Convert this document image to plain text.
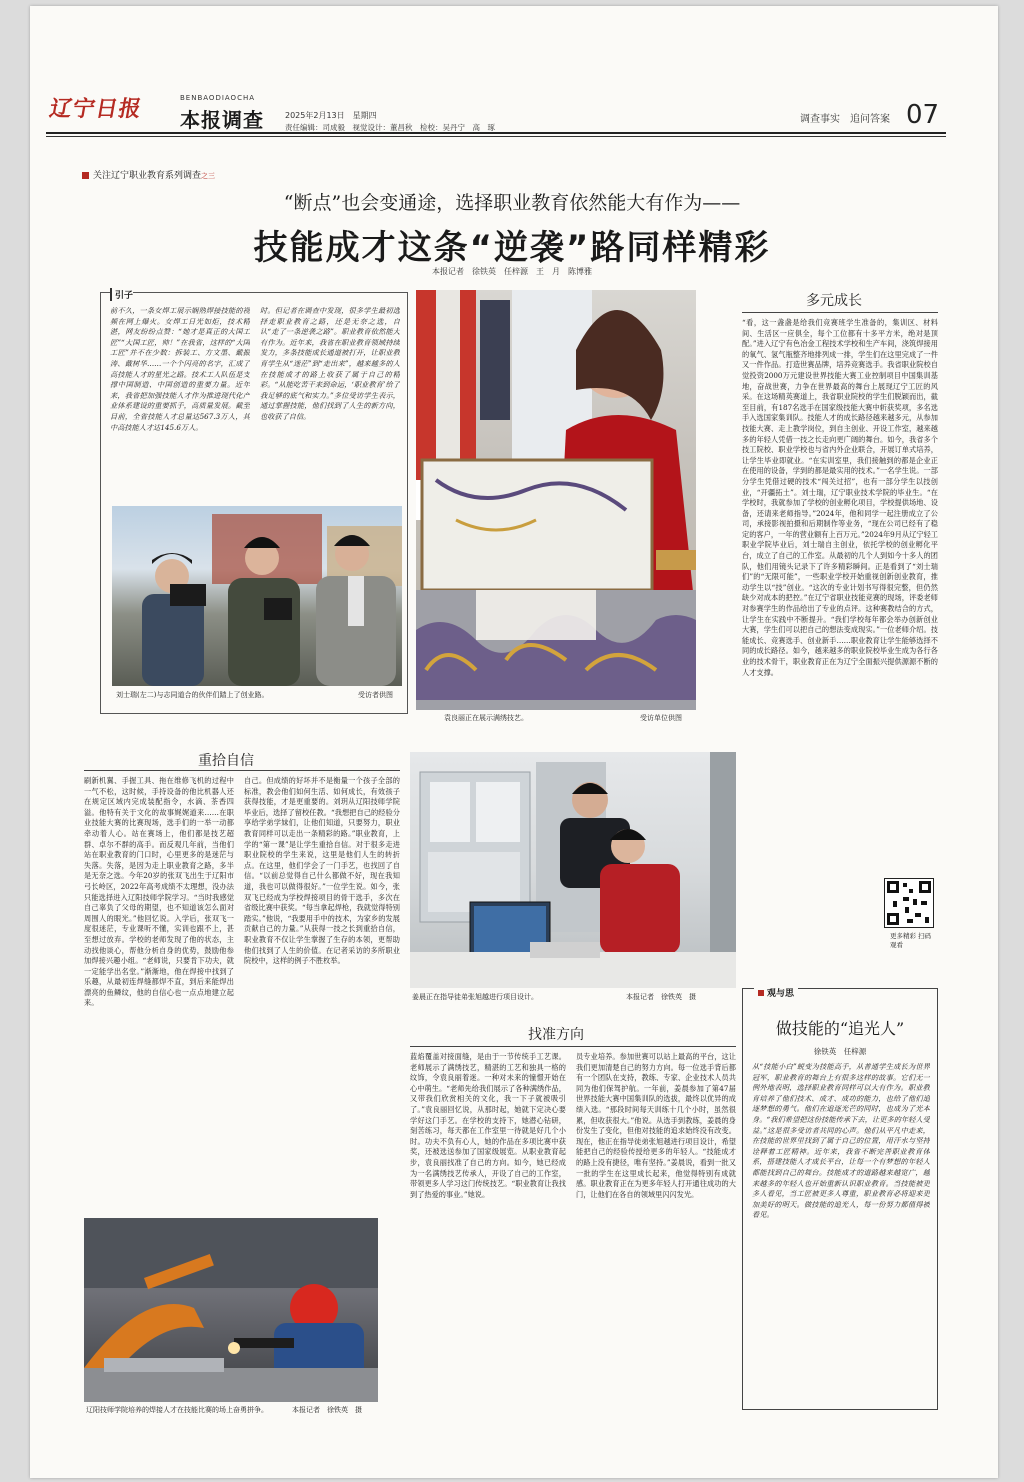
辽宁日报	BENBAODIAOCHA
本报调查	2025年2月13日　星期四
责任编辑：司成毅　视觉设计：董昌秋　检校：吴丹宁　高　琢
调查事实　追问答案 07
关注辽宁职业教育系列调查之三
“断点”也会变通途，选择职业教育依然能大有作为——
技能成才这条“逆袭”路同样精彩
本报记者　徐铁英　任梓源　王　月　陈博雅
引子
前不久，一条女焊工展示娴熟焊接技能的视频在网上爆火。女焊工日光如炬，技术精湛，网友纷纷点赞：“她才是真正的大国工匠”“大国工匠，帅！”在我省，这样的“大国工匠”并不在少数：拆装工、方文墨、戴振涛、戴树华……一个个闪亮的名字，汇成了高技能人才的星光之路。技术工人队伍是支撑中国制造、中国创造的重要力量。近年来，我省把加强技能人才作为推进现代化产业体系建设的重要抓手，高质量发展。截至目前，全省技能人才总量达567.3万人，其中高技能人才达145.6万人。
时。但记者在调查中发现，很多学生最初选择走职业教育之路，还是无奈之选，自认“走了一条逆袭之路”。职业教育依然能大有作为。近年来，我省在职业教育领域持续发力，多条技能成长通道被打开，让职业教育学生从“迷茫”到“走出来”，越来越多的人在技能成才的路上收获了属于自己的精彩。“从能吃苦干来到命运，‘职业教育’给了我足够的底气和实力。”多位受访学生表示，通过掌握技能，他们找到了人生的新方向，也收获了自信。
刘士瑞(左二)与志同道合的伙伴们踏上了创业路。	受访者供图
袁良丽正在展示满绣技艺。	受访单位供图
多元成长
“看，这一盏盏是给我们竞赛班学生准备的，集训区、材料间、生活区一应俱全，每个工位都有十多平方米，绝对是顶配。”进入辽宁有色冶金工程技术学校和生产车间，浇筑焊接用的氧气、氢气瓶整齐地排列成一排，学生们在这里完成了一件又一件作品。打造世赛品牌，培养竞赛选手。我省职业院校自觉投资2000万元建设世界技能大赛工业控制项目中国集训基地，奋战世赛，力争在世界最高的舞台上展现辽宁工匠的风采。在这场精英赛道上，我省职业院校的学生们脱颖而出，截至目前，有187名选手在国家级技能大赛中斩获奖项，多名选手入选国家集训队。技能人才的成长路径越来越多元，从参加技能大赛、走上教学岗位，到自主创业、开设工作室，越来越多的年轻人凭借一技之长走向更广阔的舞台。如今，我省多个技工院校、职业学校也与省内外企业联合，开展订单式培养，让学生毕业即就业。“在实训室里，我们接触到的都是企业正在使用的设备，学到的都是最实用的技术。”一名学生说。一部分学生凭借过硬的技术“闯关过招”，也有一部分学生以技创业，“开疆拓土”。刘士瑞，辽宁职业技术学院的毕业生。“在学校时，我就参加了学校的创业孵化项目，学校提供场地、设备，还请来老师指导。”2024年，他和同学一起注册成立了公司，承接影视拍摄和后期制作等业务，“现在公司已经有了稳定的客户，一年的营业额有上百万元。”2024年9月从辽宁轻工职业学院毕业后，刘士瑞自主创业，依托学校的创业孵化平台，成立了自己的工作室。从最初的几个人到如今十多人的团队，他们用镜头记录下了许多精彩瞬间。正是看到了“刘士瑞们”的“无限可能”，一些职业学校开始重视创新创业教育，推动学生以“技”创业。“这次的专业计划书写得很完整，但仍然缺少对成本的把控。”在辽宁省职业技能竞赛的现场，评委老师对参赛学生的作品给出了专业的点评。这种赛教结合的方式，让学生在实践中不断提升。“我们学校每年都会举办创新创业大赛，学生们可以把自己的想法变成现实。”一位老师介绍。技能成长、竞赛选手、创业新手……职业教育让学生能够选择不同的成长路径。如今，越来越多的职业院校毕业生成为各行各业的技术骨干，职业教育正在为辽宁全面振兴提供源源不断的人才支撑。
更多精彩 扫码观看
重拾自信
刷新机翼、手握工具、拖在维修飞机的过程中一气不松，这时候，手持设备的他比机器人还在规定区域内完成装配指令，水滴、茶香四溢。他特有关于文化的故事娓娓道来……在职业技能大赛的比赛现场，选手们的一举一动都牵动着人心。站在赛场上，他们都是技艺超群、卓尔不群的高手。而反观几年前，当他们站在职业教育的门口时，心里更多的是迷茫与失落。失落，是因为走上职业教育之路，多半是无奈之选。今年20岁的张双飞出生于辽阳市弓长岭区，2022年高考成绩不太理想，没办法只能选择进入辽阳技师学院学习。“当时我感觉自己辜负了父母的期望，也不知道该怎么面对周围人的眼光。”他回忆说。入学后，张双飞一度很迷茫，专业课听不懂，实训也跟不上，甚至想过放弃。学校的老师发现了他的状态，主动找他谈心，帮他分析自身的优势，鼓励他参加焊接兴趣小组。“老师说，只要肯下功夫，就一定能学出名堂。”渐渐地，他在焊接中找到了乐趣，从最初连焊缝都焊不直，到后来能焊出漂亮的鱼鳞纹，他的自信心也一点点地建立起来。
自己。但成绩的好坏并不是衡量一个孩子全部的标准，教会他们如何生活、如何成长，有效孩子获得技能，才是更重要的。刘玥从辽阳技师学院毕业后，选择了留校任教。“我想把自己的经验分享给学弟学妹们，让他们知道，只要努力，职业教育同样可以走出一条精彩的路。”职业教育，上学的“第一课”是让学生重拾自信。对于很多走进职业院校的学生来说，这里是他们人生的转折点。在这里，他们学会了一门手艺，也找回了自信。“以前总觉得自己什么都做不好，现在我知道，我也可以做得很好。”一位学生说。如今，张双飞已经成为学校焊接项目的骨干选手，多次在省级比赛中获奖。“每当拿起焊枪，我就觉得特别踏实。”他说，“我要用手中的技术，为家乡的发展贡献自己的力量。”从获得一技之长到重拾自信，职业教育不仅让学生掌握了生存的本领，更帮助他们找到了人生的价值。在记者采访的多所职业院校中，这样的例子不胜枚举。
姜晨正在指导徒弟张旭越进行项目设计。	本报记者　徐铁英　摄
找准方向
蓝焰覆盖对接面缝，是由于一节传统手工艺课。老师展示了满绣技艺，精湛的工艺和独具一格的纹饰，令袁良丽着迷。一种对未来的憧憬开始在心中萌生。“老师先给我们展示了各种满绣作品，又带我们欣赏相关的文化，我一下子就被吸引了。”袁良丽回忆说，从那时起，她就下定决心要学好这门手艺。在学校的支持下，她潜心钻研，刻苦练习，每天都在工作室里一待就是好几个小时。功夫不负有心人，她的作品在多项比赛中获奖，还被选送参加了国家级展览。从职业教育起步，袁良丽找准了自己的方向。如今，她已经成为一名满绣技艺传承人，开设了自己的工作室，带领更多人学习这门传统技艺。“职业教育让我找到了热爱的事业。”她说。
员专业培养。参加世赛可以站上最高的平台，这让我们更加清楚自己的努力方向。每一位选手背后都有一个团队在支持，教练、专家、企业技术人员共同为他们保驾护航。一年前，姜晨参加了第47届世界技能大赛中国集训队的选拔，最终以优异的成绩入选。“那段时间每天训练十几个小时，虽然很累，但收获很大。”他说。从选手到教练，姜晨的身份发生了变化，但他对技能的追求始终没有改变。现在，他正在指导徒弟张旭越进行项目设计，希望能把自己的经验传授给更多的年轻人。“技能成才的路上没有捷径，唯有坚持。”姜晨说，看到一批又一批的学生在这里成长起来，他觉得特别有成就感。职业教育正在为更多年轻人打开通往成功的大门，让他们在各自的领域里闪闪发光。
辽阳技师学院培养的焊接人才在技能比赛的场上奋勇拼争。	本报记者　徐铁英　摄
观与思
做技能的“追光人”
徐铁英　任梓源
从“技能小白”蜕变为技能高手，从普通学生成长为世界冠军，职业教育的舞台上有很多这样的故事。它们无一例外地表明，选择职业教育同样可以大有作为。职业教育培养了他们技术、成才、成功的能力，也给了他们追逐梦想的勇气。他们在追逐光芒的同时，也成为了光本身。“我们希望把这份技能传承下去，让更多的年轻人受益。”这是很多受访者共同的心声。他们从平凡中走来，在技能的世界里找到了属于自己的位置，用汗水与坚持诠释着工匠精神。近年来，我省不断完善职业教育体系，搭建技能人才成长平台，让每一个有梦想的年轻人都能找到自己的舞台。技能成才的道路越来越宽广，越来越多的年轻人也开始重新认识职业教育。当技能被更多人看见，当工匠被更多人尊重，职业教育必将迎来更加美好的明天。做技能的追光人，每一份努力都值得被看见。
